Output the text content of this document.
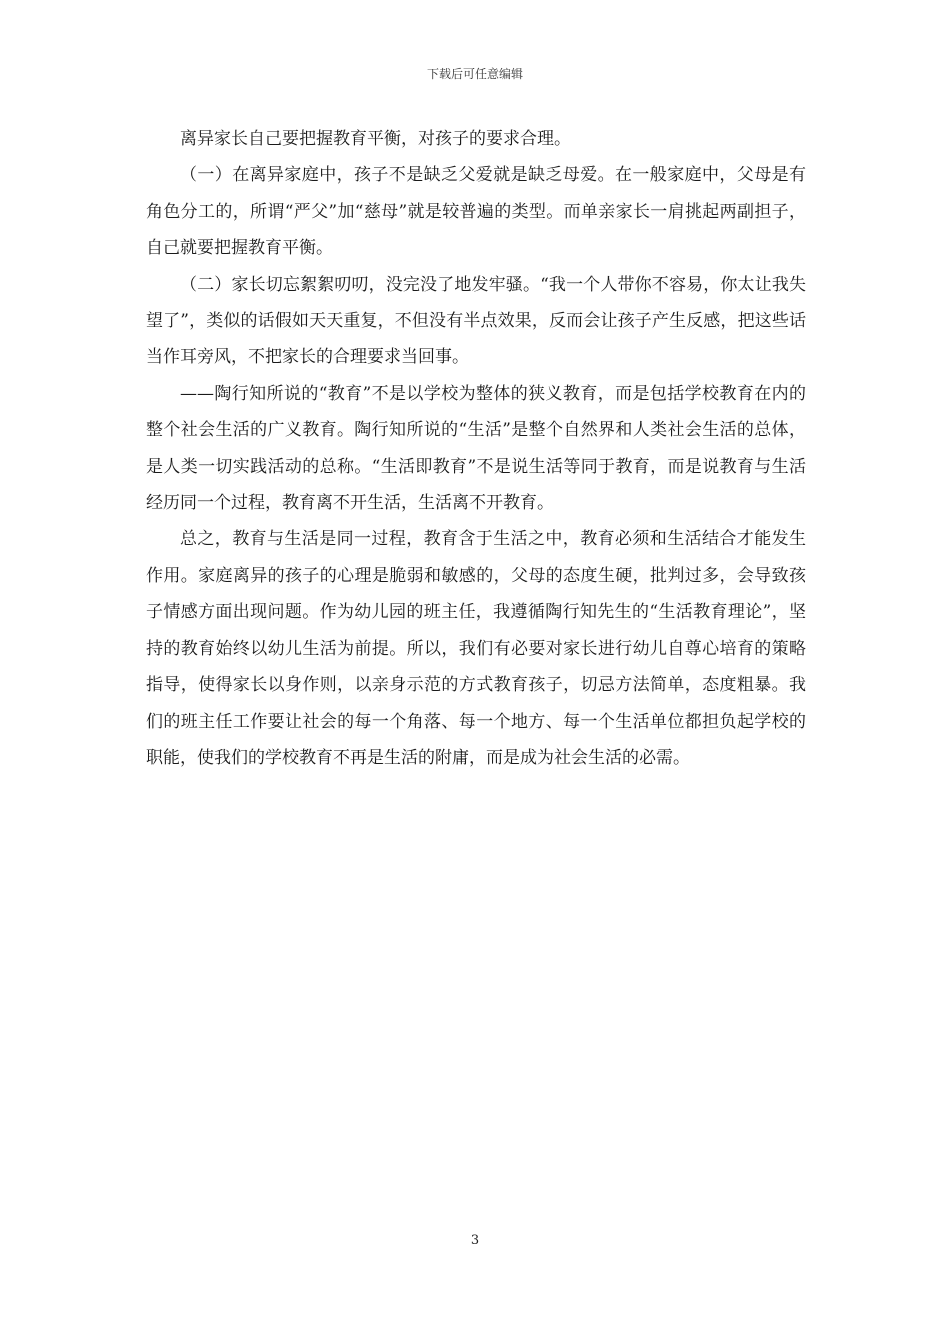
下载后可任意编辑

离异家长自己要把握教育平衡，对孩子的要求合理。

（一）在离异家庭中，孩子不是缺乏父爱就是缺乏母爱。在一般家庭中，父母是有角色分工的，所谓“严父”加“慈母”就是较普遍的类型。而单亲家长一肩挑起两副担子，自己就要把握教育平衡。

（二）家长切忘絮絮叨叨，没完没了地发牢骚。“我一个人带你不容易，你太让我失望了”，类似的话假如天天重复，不但没有半点效果，反而会让孩子产生反感，把这些话当作耳旁风，不把家长的合理要求当回事。

——陶行知所说的“教育”不是以学校为整体的狭义教育，而是包括学校教育在内的整个社会生活的广义教育。陶行知所说的“生活”是整个自然界和人类社会生活的总体，是人类一切实践活动的总称。“生活即教育”不是说生活等同于教育，而是说教育与生活经历同一个过程，教育离不开生活，生活离不开教育。

总之，教育与生活是同一过程，教育含于生活之中，教育必须和生活结合才能发生作用。家庭离异的孩子的心理是脆弱和敏感的，父母的态度生硬，批判过多，会导致孩子情感方面出现问题。作为幼儿园的班主任，我遵循陶行知先生的“生活教育理论”，坚持的教育始终以幼儿生活为前提。所以，我们有必要对家长进行幼儿自尊心培育的策略指导，使得家长以身作则，以亲身示范的方式教育孩子，切忌方法简单，态度粗暴。我们的班主任工作要让社会的每一个角落、每一个地方、每一个生活单位都担负起学校的职能，使我们的学校教育不再是生活的附庸，而是成为社会生活的必需。

3
